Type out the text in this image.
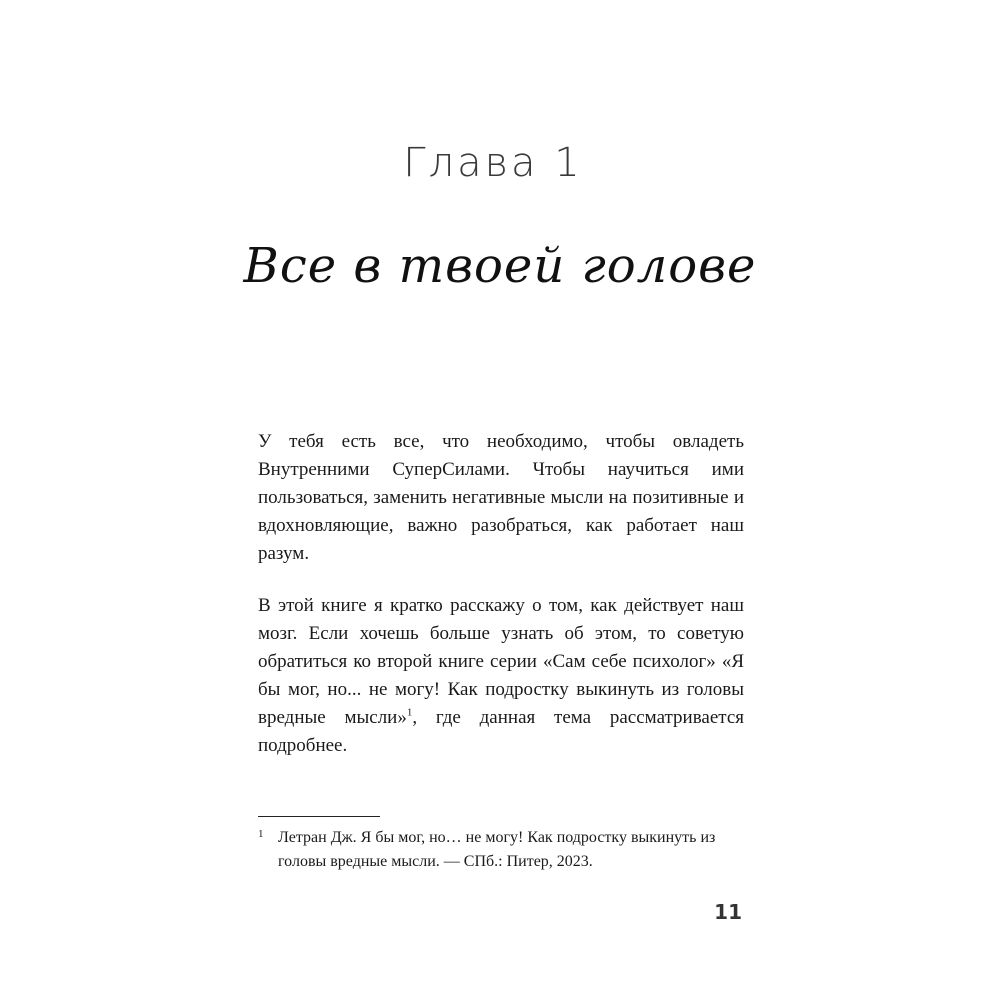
Глава 1
Все в твоей голове

У тебя есть все, что необходимо, чтобы овладеть Внутренними СуперСилами. Чтобы научиться ими пользоваться, заменить негативные мысли на позитивные и вдохновляющие, важно разобраться, как работает наш разум.

В этой книге я кратко расскажу о том, как действует наш мозг. Если хочешь больше узнать об этом, то советую обратиться ко второй книге серии «Сам себе психолог» «Я бы мог, но... не могу! Как подростку выкинуть из головы вредные мысли»$^1$, где данная тема рассматривается подробнее.

1 Летран Дж. Я бы мог, но… не могу! Как подростку выкинуть из головы вредные мысли. — СПб.: Питер, 2023.
11
